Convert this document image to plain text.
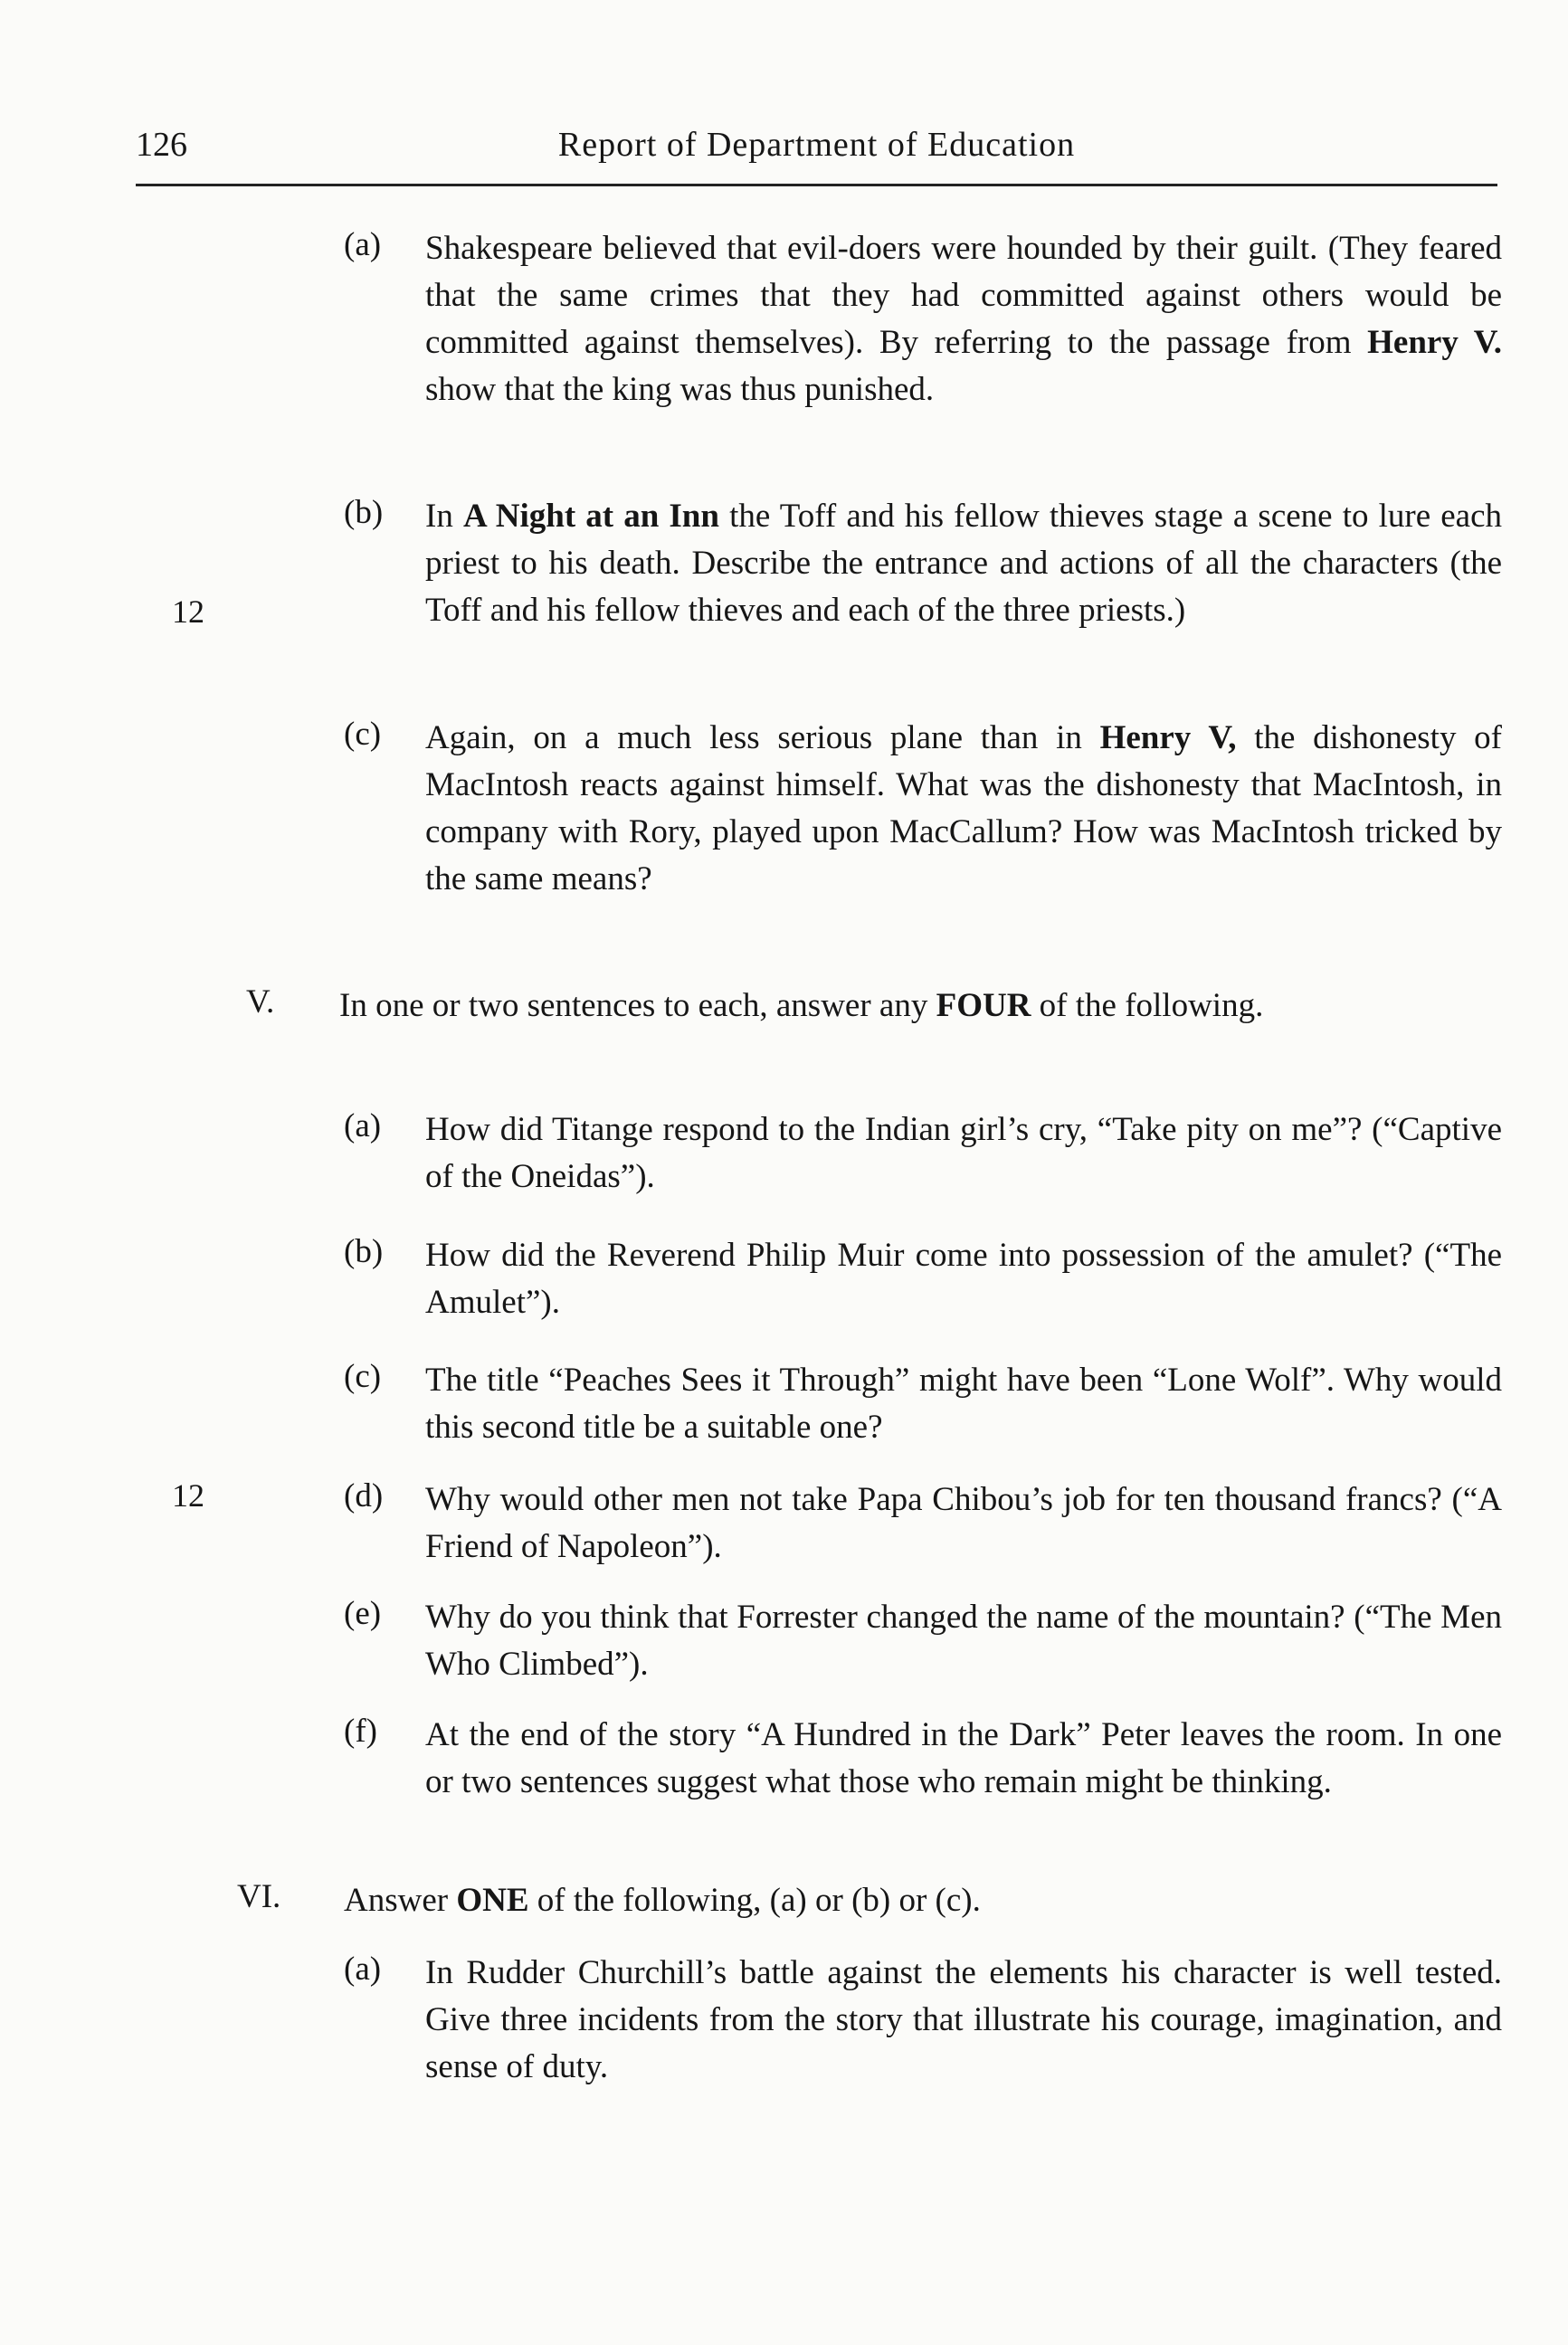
126	Report of Department of Education
12
(a) Shakespeare believed that evil-doers were hounded by their guilt. (They feared that the same crimes that they had committed against others would be committed against themselves). By referring to the passage from Henry V. show that the king was thus punished.
(b) In A Night at an Inn the Toff and his fellow thieves stage a scene to lure each priest to his death. Describe the entrance and actions of all the characters (the Toff and his fellow thieves and each of the three priests.)
(c) Again, on a much less serious plane than in Henry V, the dishonesty of MacIntosh reacts against himself. What was the dishonesty that MacIntosh, in company with Rory, played upon MacCallum? How was MacIntosh tricked by the same means?
V. In one or two sentences to each, answer any FOUR of the following.
(a) How did Titange respond to the Indian girl’s cry, “Take pity on me”? (“Captive of the Oneidas”).
(b) How did the Reverend Philip Muir come into possession of the amulet? (“The Amulet”).
(c) The title “Peaches Sees it Through” might have been “Lone Wolf”. Why would this second title be a suitable one?
12	(d) Why would other men not take Papa Chibou’s job for ten thousand francs? (“A Friend of Napoleon”).
(e) Why do you think that Forrester changed the name of the mountain? (“The Men Who Climbed”).
(f) At the end of the story “A Hundred in the Dark” Peter leaves the room. In one or two sentences suggest what those who remain might be thinking.
VI. Answer ONE of the following, (a) or (b) or (c).
(a) In Rudder Churchill’s battle against the elements his character is well tested. Give three incidents from the story that illustrate his courage, imagination, and sense of duty.
